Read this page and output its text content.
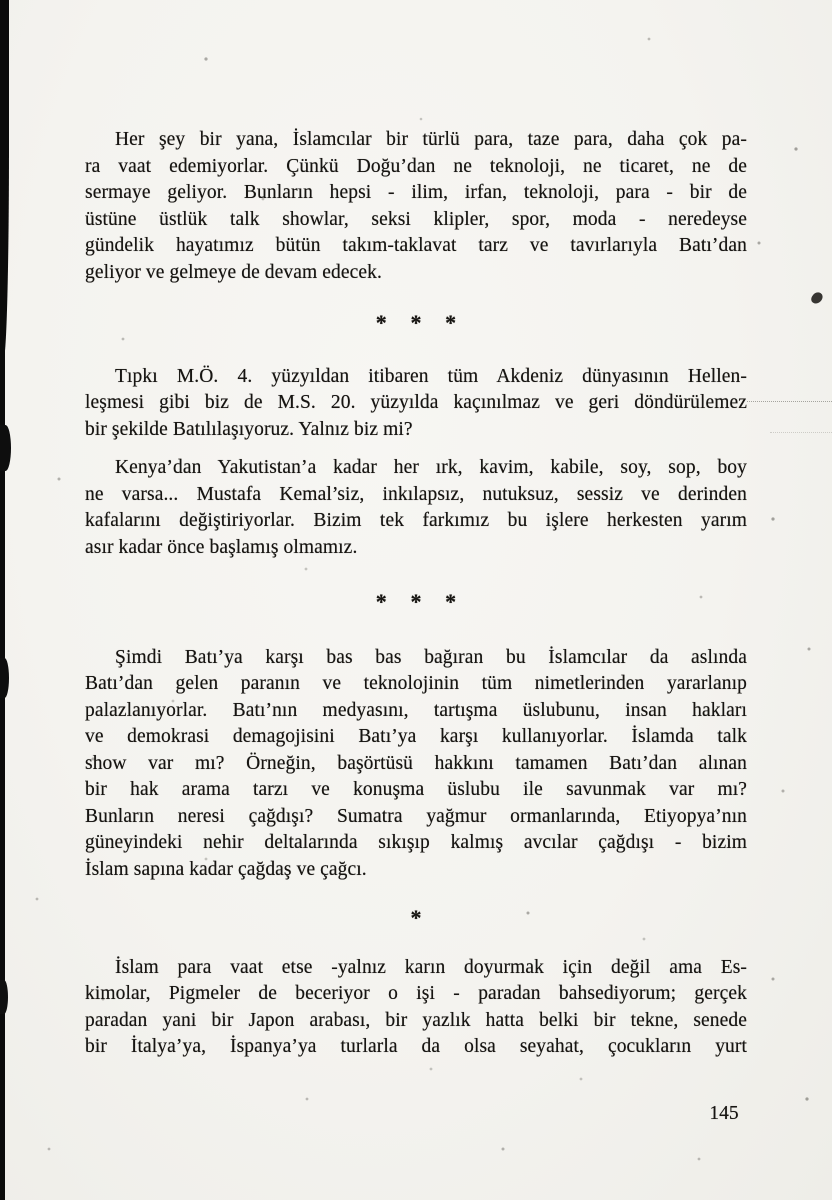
Her şey bir yana, İslamcılar bir türlü para, taze para, daha çok pa-
ra vaat edemiyorlar. Çünkü Doğu’dan ne teknoloji, ne ticaret, ne de
sermaye geliyor. Bunların hepsi - ilim, irfan, teknoloji, para - bir de
üstüne üstlük talk showlar, seksi klipler, spor, moda - neredeyse
gündelik hayatımız bütün takım-taklavat tarz ve tavırlarıyla Batı’dan
geliyor ve gelmeye de devam edecek.
* * *
Tıpkı M.Ö. 4. yüzyıldan itibaren tüm Akdeniz dünyasının Hellen-
leşmesi gibi biz de M.S. 20. yüzyılda kaçınılmaz ve geri döndürülemez
bir şekilde Batılılaşıyoruz. Yalnız biz mi?
Kenya’dan Yakutistan’a kadar her ırk, kavim, kabile, soy, sop, boy
ne varsa... Mustafa Kemal’siz, inkılapsız, nutuksuz, sessiz ve derinden
kafalarını değiştiriyorlar. Bizim tek farkımız bu işlere herkesten yarım
asır kadar önce başlamış olmamız.
* * *
Şimdi Batı’ya karşı bas bas bağıran bu İslamcılar da aslında
Batı’dan gelen paranın ve teknolojinin tüm nimetlerinden yararlanıp
palazlanıyorlar. Batı’nın medyasını, tartışma üslubunu, insan hakları
ve demokrasi demagojisini Batı’ya karşı kullanıyorlar. İslamda talk
show var mı? Örneğin, başörtüsü hakkını tamamen Batı’dan alınan
bir hak arama tarzı ve konuşma üslubu ile savunmak var mı?
Bunların neresi çağdışı? Sumatra yağmur ormanlarında, Etiyopya’nın
güneyindeki nehir deltalarında sıkışıp kalmış avcılar çağdışı - bizim
İslam sapına kadar çağdaş ve çağcı.
*
İslam para vaat etse -yalnız karın doyurmak için değil ama Es-
kimolar, Pigmeler de beceriyor o işi - paradan bahsediyorum; gerçek
paradan yani bir Japon arabası, bir yazlık hatta belki bir tekne, senede
bir İtalya’ya, İspanya’ya turlarla da olsa seyahat, çocukların yurt
145
